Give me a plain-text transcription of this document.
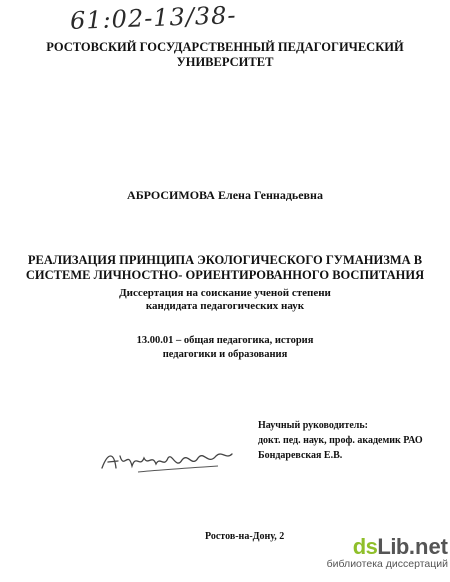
61:02-13/38-
РОСТОВСКИЙ ГОСУДАРСТВЕННЫЙ ПЕДАГОГИЧЕСКИЙ
УНИВЕРСИТЕТ
АБРОСИМОВА Елена Геннадьевна
РЕАЛИЗАЦИЯ ПРИНЦИПА ЭКОЛОГИЧЕСКОГО ГУМАНИЗМА В
СИСТЕМЕ ЛИЧНОСТНО- ОРИЕНТИРОВАННОГО ВОСПИТАНИЯ
Диссертация на соискание ученой степени
кандидата педагогических наук
13.00.01 – общая педагогика, история
педагогики и образования
Научный руководитель:
докт. пед. наук, проф. академик РАО
Бондаревская Е.В.
Ростов-на-Дону, 2	ds Lib . net
библиотека диссертаций
